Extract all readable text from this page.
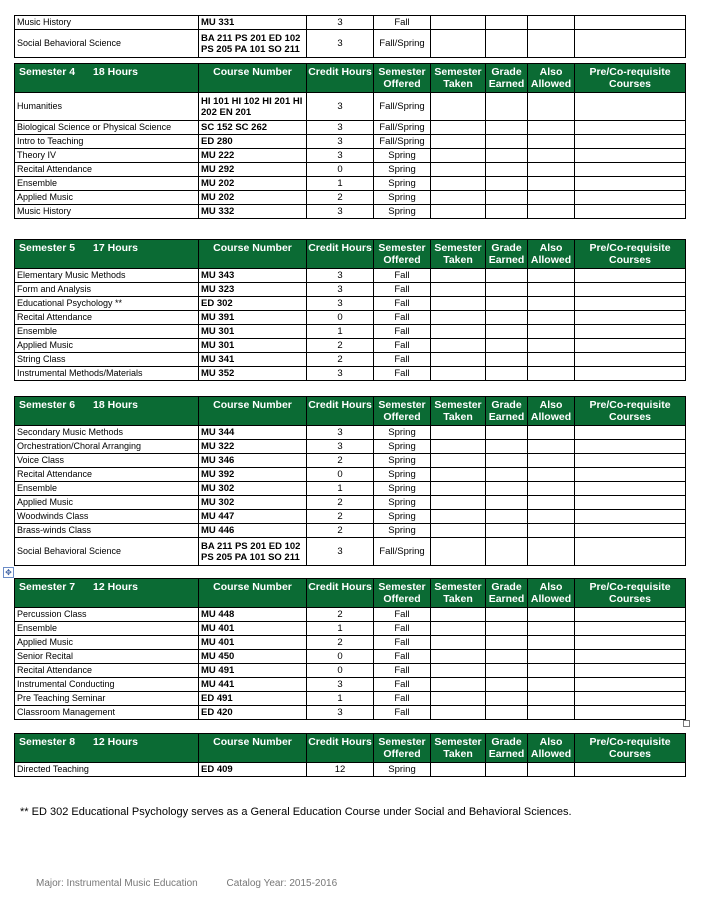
Music History	MU 331	3	Fall				
Social Behavioral Science	BA 211 PS 201 ED 102 PS 205 PA 101 SO 211	3	Fall/Spring				
Semester 4 18 Hours	Course Number	Credit Hours	Semester Offered	Semester Taken	Grade Earned	Also Allowed	Pre/Co-requisite Courses
Humanities	HI 101 HI 102 HI 201 HI 202 EN 201	3	Fall/Spring				
Biological Science or Physical Science	SC 152 SC 262	3	Fall/Spring				
Intro to Teaching	ED 280	3	Fall/Spring				
Theory IV	MU 222	3	Spring				
Recital Attendance	MU 292	0	Spring				
Ensemble	MU 202	1	Spring				
Applied Music	MU 202	2	Spring				
Music History	MU 332	3	Spring				
Semester 5 17 Hours	Course Number	Credit Hours	Semester Offered	Semester Taken	Grade Earned	Also Allowed	Pre/Co-requisite Courses
Elementary Music Methods	MU 343	3	Fall				
Form and Analysis	MU 323	3	Fall				
Educational Psychology **	ED 302	3	Fall				
Recital Attendance	MU 391	0	Fall				
Ensemble	MU 301	1	Fall				
Applied Music	MU 301	2	Fall				
String Class	MU 341	2	Fall				
Instrumental Methods/Materials	MU 352	3	Fall				
Semester 6 18 Hours	Course Number	Credit Hours	Semester Offered	Semester Taken	Grade Earned	Also Allowed	Pre/Co-requisite Courses
Secondary Music Methods	MU 344	3	Spring				
Orchestration/Choral Arranging	MU 322	3	Spring				
Voice Class	MU 346	2	Spring				
Recital Attendance	MU 392	0	Spring				
Ensemble	MU 302	1	Spring				
Applied Music	MU 302	2	Spring				
Woodwinds Class	MU 447	2	Spring				
Brass-winds Class	MU 446	2	Spring				
Social Behavioral Science	BA 211 PS 201 ED 102 PS 205 PA 101 SO 211	3	Fall/Spring				
✥
Semester 7 12 Hours	Course Number	Credit Hours	Semester Offered	Semester Taken	Grade Earned	Also Allowed	Pre/Co-requisite Courses
Percussion Class	MU 448	2	Fall				
Ensemble	MU 401	1	Fall				
Applied Music	MU 401	2	Fall				
Senior Recital	MU 450	0	Fall				
Recital Attendance	MU 491	0	Fall				
Instrumental Conducting	MU 441	3	Fall				
Pre Teaching Seminar	ED 491	1	Fall				
Classroom Management	ED 420	3	Fall				
Semester 8 12 Hours	Course Number	Credit Hours	Semester Offered	Semester Taken	Grade Earned	Also Allowed	Pre/Co-requisite Courses
Directed Teaching	ED 409	12	Spring				
** ED 302 Educational Psychology serves as a General Education Course under Social and Behavioral Sciences.
Major: Instrumental Music Education	Catalog Year: 2015-2016
